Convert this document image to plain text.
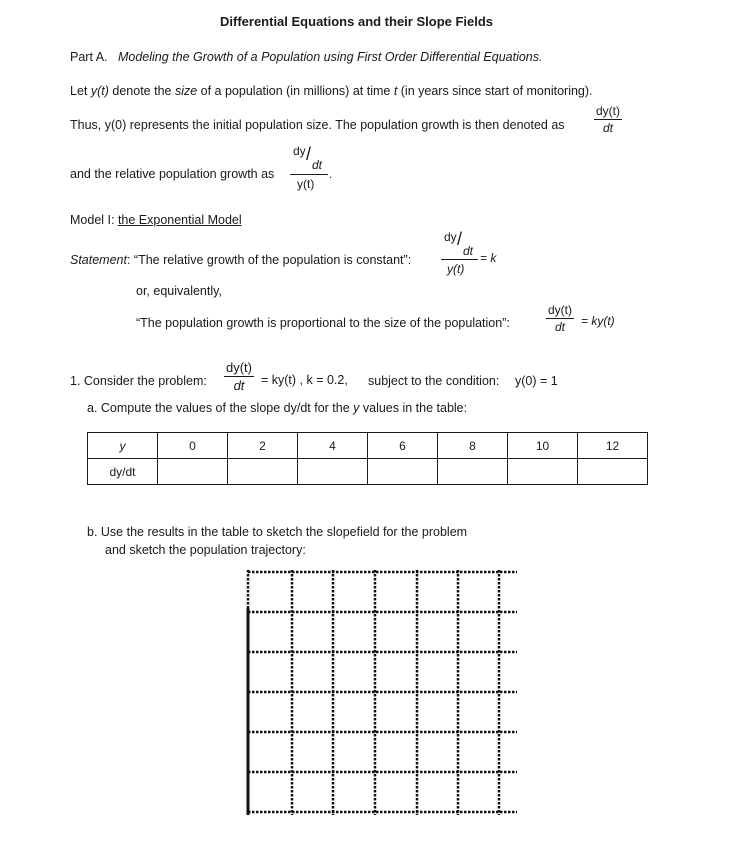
Differential Equations and their Slope Fields
Part A. Modeling the Growth of a Population using First Order Differential Equations.
Let y(t) denote the size of a population (in millions) at time t (in years since start of monitoring).
Thus, y(0) represents the initial population size. The population growth is then denoted as $\frac{dy(t)}{dt}$
and the relative population growth as
dy /
dt
y(t)
.
Model I: the Exponential Model
Statement: “The relative growth of the population is constant”:
dy /
dt
y(t)
= k
or, equivalently,
“The population growth is proportional to the size of the population”:	$\frac{dy(t)}{dt} = ky(t)$
1. Consider the problem: $\frac{dy(t)}{dt} = ky(t)$ , k = 0.2, subject to the condition: y(0) = 1
a. Compute the values of the slope dy/dt for the y values in the table:
y	0	2	4	6	8	10	12
dy/dt							
b. Use the results in the table to sketch the slopefield for the problem
and sketch the population trajectory:
